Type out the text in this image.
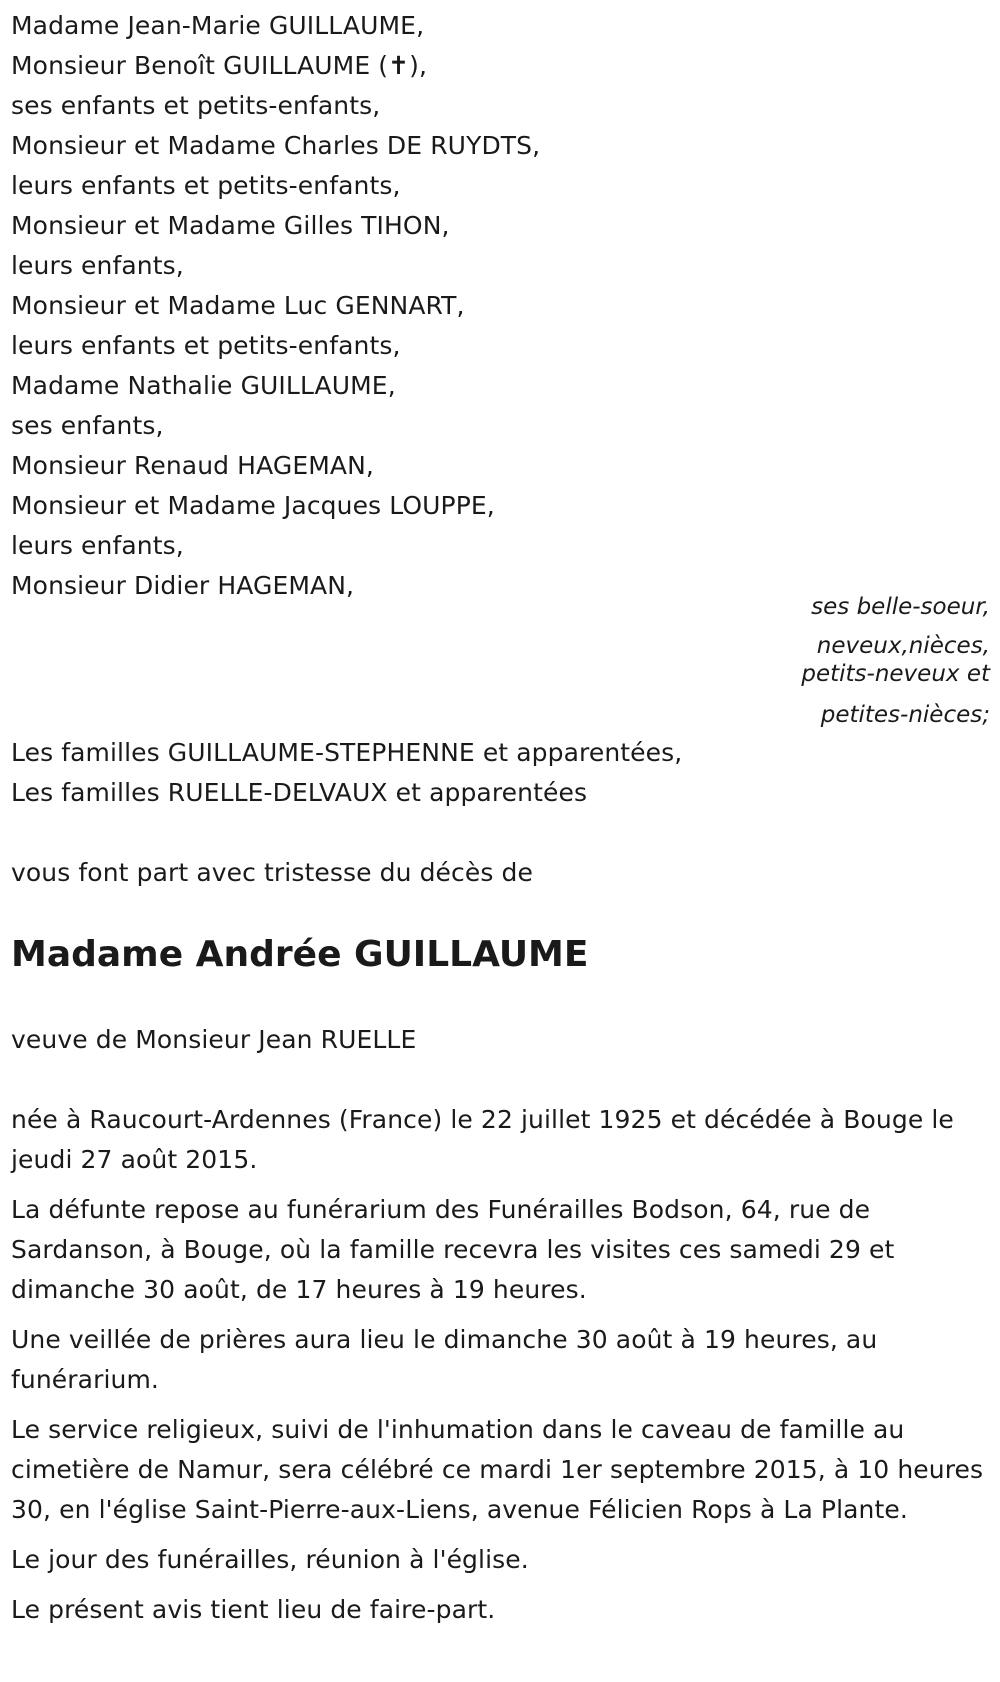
Madame Jean-Marie GUILLAUME,
Monsieur Benoît GUILLAUME (✝),
ses enfants et petits-enfants,
Monsieur et Madame Charles DE RUYDTS,
leurs enfants et petits-enfants,
Monsieur et Madame Gilles TIHON,
leurs enfants,
Monsieur et Madame Luc GENNART,
leurs enfants et petits-enfants,
Madame Nathalie GUILLAUME,
ses enfants,
Monsieur Renaud HAGEMAN,
Monsieur et Madame Jacques LOUPPE,
leurs enfants,
Monsieur Didier HAGEMAN,
ses belle-soeur,
neveux,nièces,
petits-neveux et
petites-nièces;
Les familles GUILLAUME-STEPHENNE et apparentées,
Les familles RUELLE-DELVAUX et apparentées
vous font part avec tristesse du décès de
Madame Andrée GUILLAUME
veuve de Monsieur Jean RUELLE

née à Raucourt-Ardennes (France) le 22 juillet 1925 et décédée à Bouge le jeudi 27 août 2015.

La défunte repose au funérarium des Funérailles Bodson, 64, rue de Sardanson, à Bouge, où la famille recevra les visites ces samedi 29 et dimanche 30 août, de 17 heures à 19 heures.

Une veillée de prières aura lieu le dimanche 30 août à 19 heures, au funérarium.

Le service religieux, suivi de l'inhumation dans le caveau de famille au cimetière de Namur, sera célébré ce mardi 1er septembre 2015, à 10 heures 30, en l'église Saint-Pierre-aux-Liens, avenue Félicien Rops à La Plante.

Le jour des funérailles, réunion à l'église.

Le présent avis tient lieu de faire-part.
